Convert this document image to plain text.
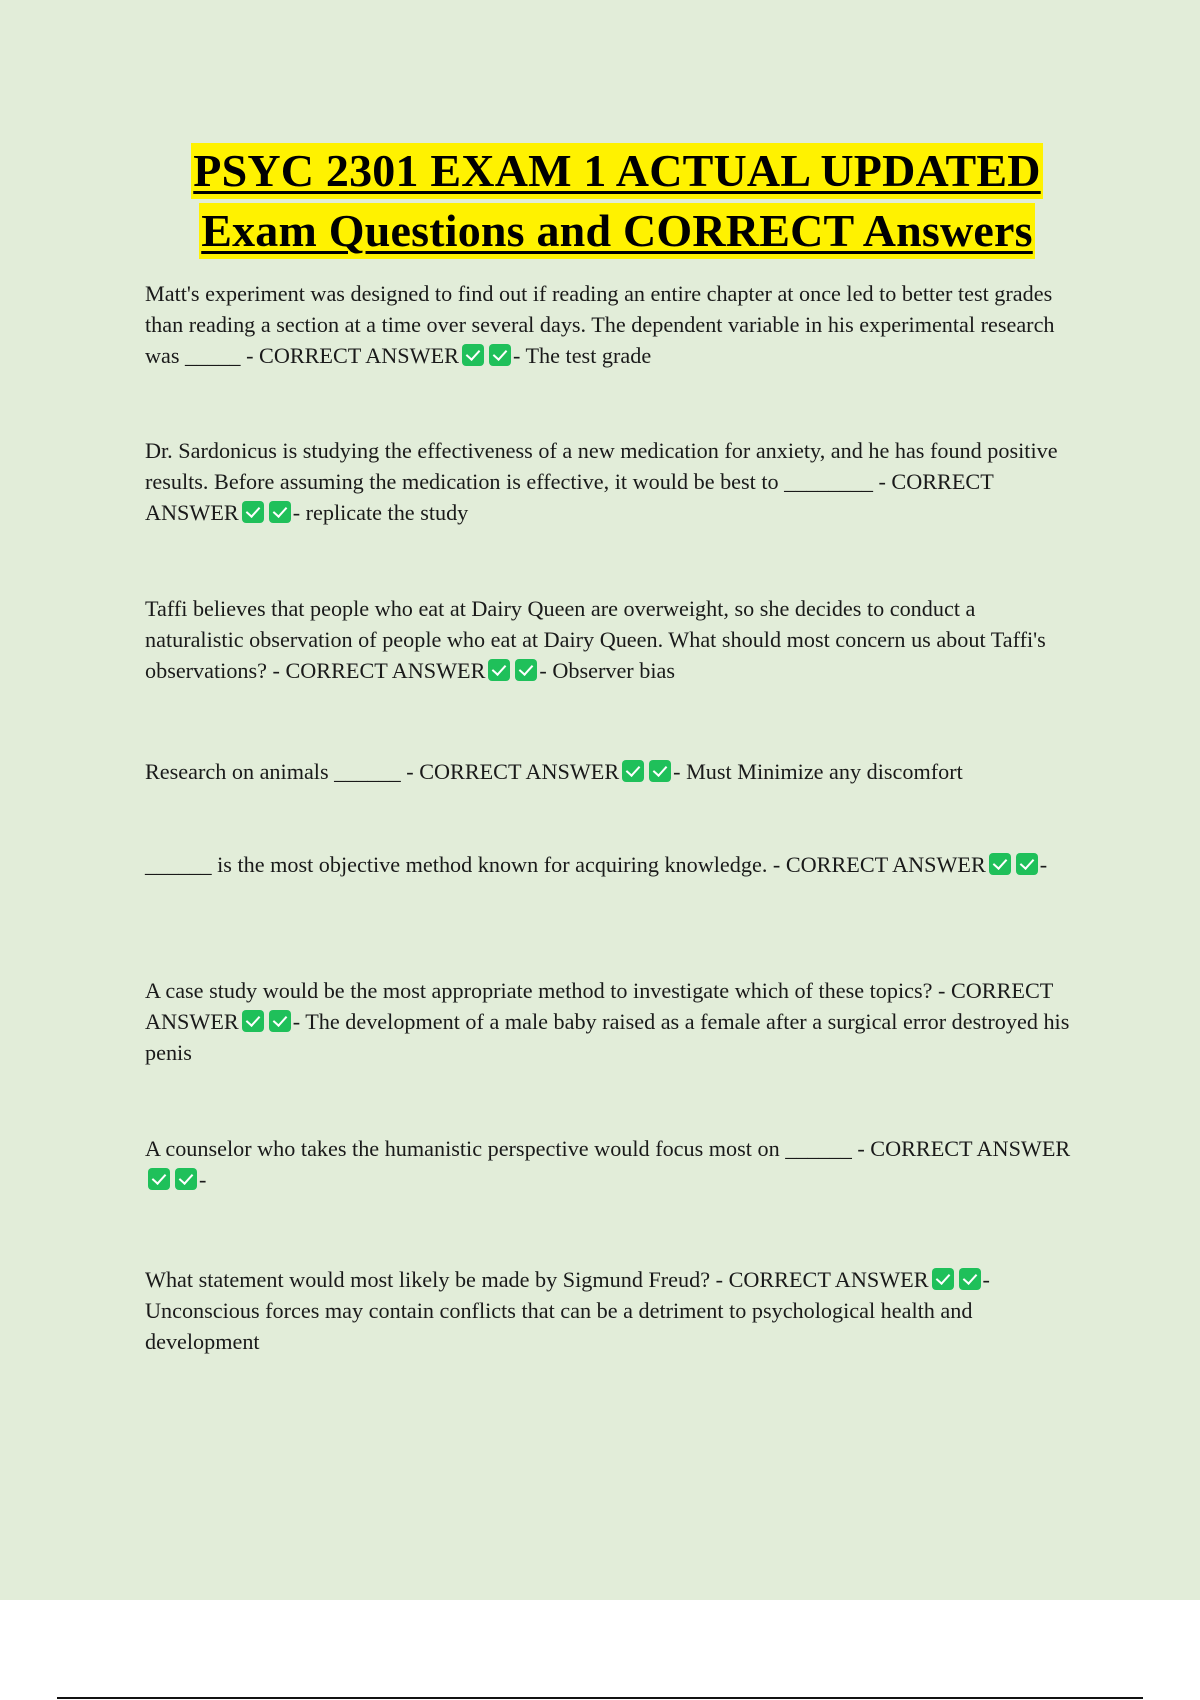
PSYC 2301 EXAM 1 ACTUAL UPDATED
Exam Questions and CORRECT Answers
Matt's experiment was designed to find out if reading an entire chapter at once led to better test grades than reading a section at a time over several days. The dependent variable in his experimental research was _____ - CORRECT ANSWER - The test grade
Dr. Sardonicus is studying the effectiveness of a new medication for anxiety, and he has found positive results. Before assuming the medication is effective, it would be best to ________ - CORRECT ANSWER - replicate the study
Taffi believes that people who eat at Dairy Queen are overweight, so she decides to conduct a naturalistic observation of people who eat at Dairy Queen. What should most concern us about Taffi's observations? - CORRECT ANSWER - Observer bias
Research on animals ______ - CORRECT ANSWER - Must Minimize any discomfort
______ is the most objective method known for acquiring knowledge. - CORRECT ANSWER -
A case study would be the most appropriate method to investigate which of these topics? - CORRECT ANSWER - The development of a male baby raised as a female after a surgical error destroyed his penis
A counselor who takes the humanistic perspective would focus most on ______ - CORRECT ANSWER-
What statement would most likely be made by Sigmund Freud? - CORRECT ANSWER - Unconscious forces may contain conflicts that can be a detriment to psychological health and development
